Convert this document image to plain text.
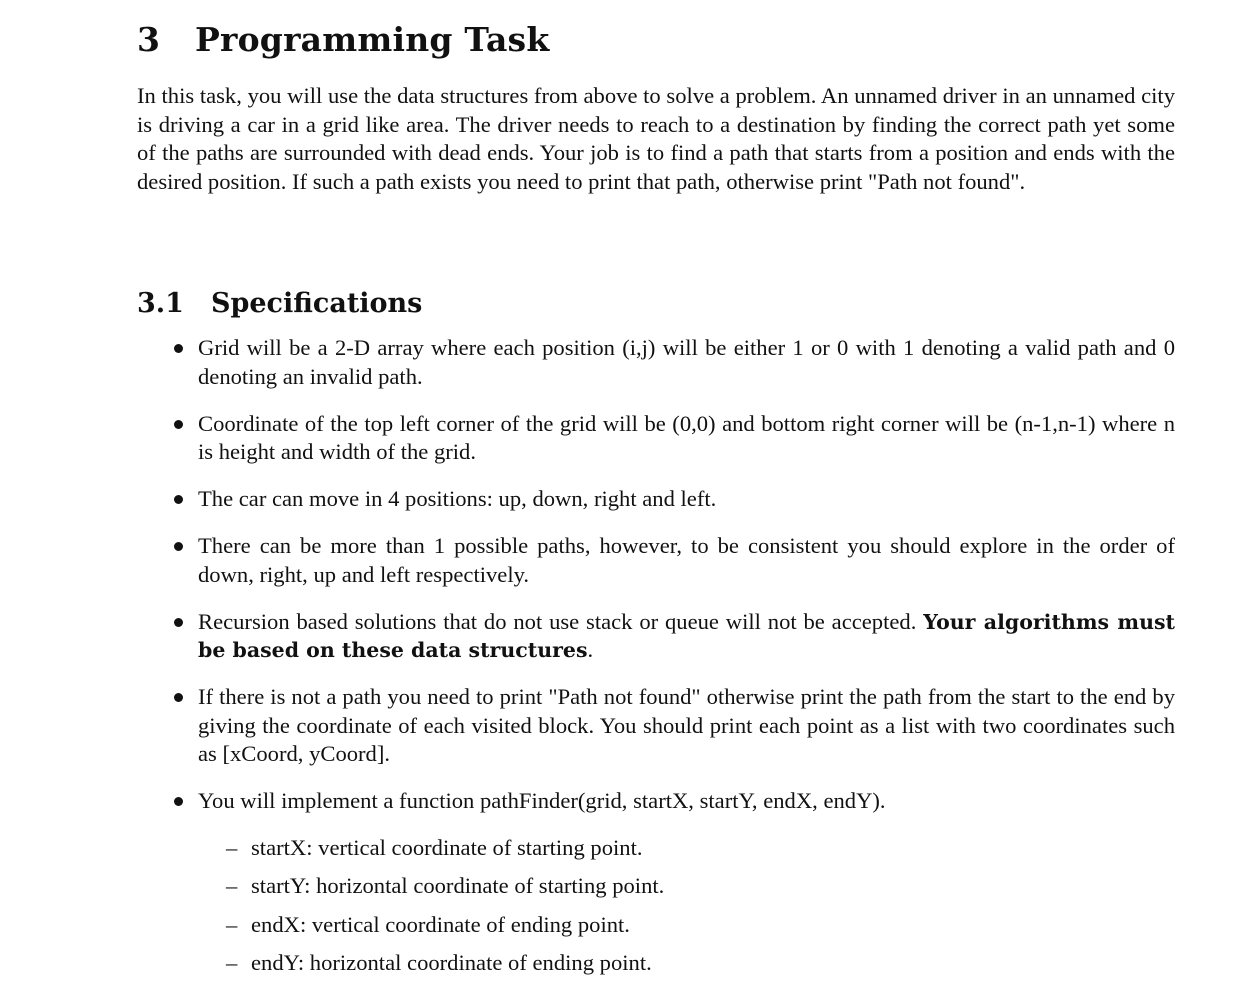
3 Programming Task

In this task, you will use the data structures from above to solve a problem. An unnamed driver in an unnamed city is driving a car in a grid like area. The driver needs to reach to a destination by finding the correct path yet some of the paths are surrounded with dead ends. Your job is to find a path that starts from a position and ends with the desired position. If such a path exists you need to print that path, otherwise print "Path not found".

3.1 Specifications
Grid will be a 2-D array where each position (i,j) will be either 1 or 0 with 1 denoting a valid path and 0 denoting an invalid path.
Coordinate of the top left corner of the grid will be (0,0) and bottom right corner will be (n-1,n-1) where n is height and width of the grid.
The car can move in 4 positions: up, down, right and left.
There can be more than 1 possible paths, however, to be consistent you should explore in the order of down, right, up and left respectively.
Recursion based solutions that do not use stack or queue will not be accepted. Your algorithms must be based on these data structures.
If there is not a path you need to print "Path not found" otherwise print the path from the start to the end by giving the coordinate of each visited block. You should print each point as a list with two coordinates such as [xCoord, yCoord].
You will implement a function pathFinder(grid, startX, startY, endX, endY).
– startX: vertical coordinate of starting point.
– startY: horizontal coordinate of starting point.
– endX: vertical coordinate of ending point.
– endY: horizontal coordinate of ending point.
